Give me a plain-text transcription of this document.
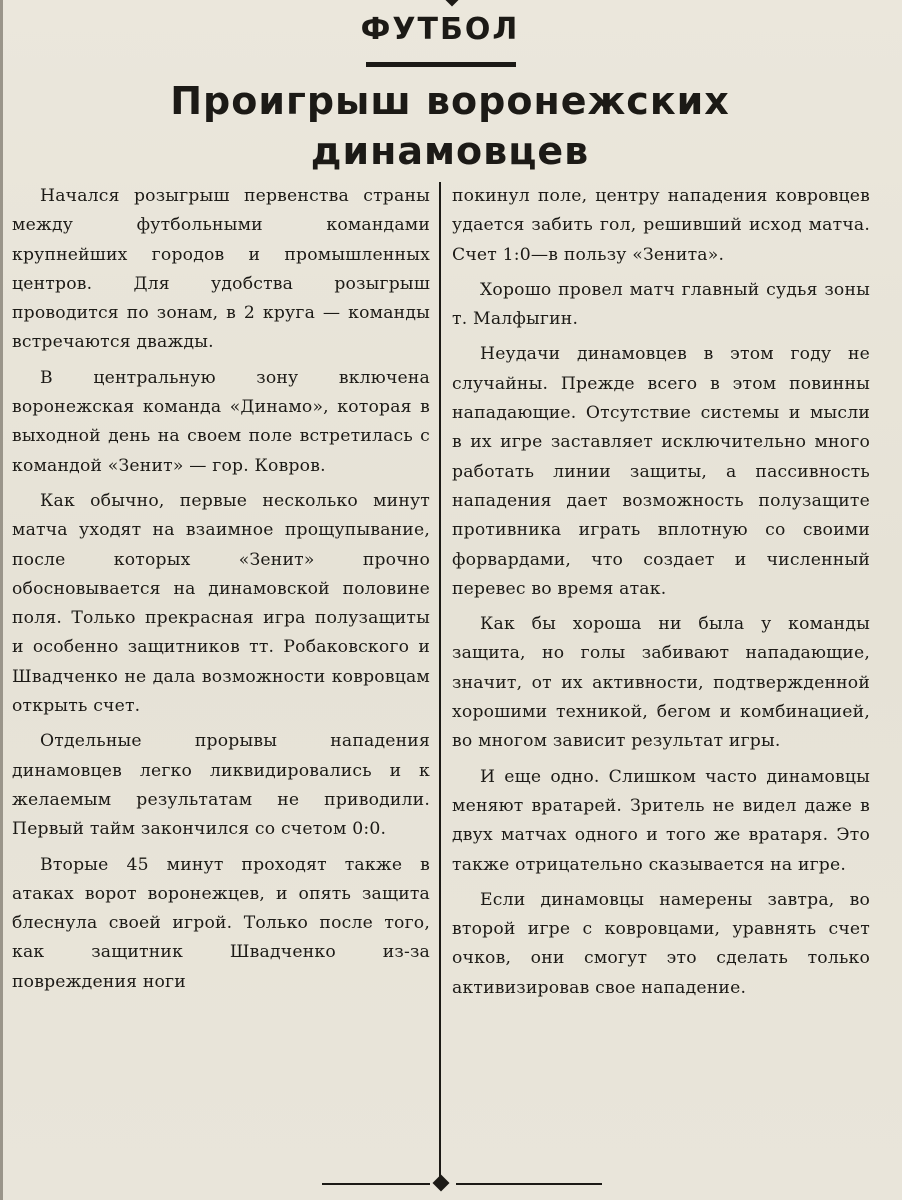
ФУТБОЛ
Проигрыш воронежских
динамовцев

Начался розыгрыш первенства страны между футбольными командами крупнейших городов и промышленных центров. Для удобства розыгрыш проводится по зонам, в 2 круга — команды встречаются дважды.

В центральную зону включена воронежская команда «Динамо», которая в выходной день на своем поле встретилась с командой «Зенит» — гор. Ковров.

Как обычно, первые несколько минут матча уходят на взаимное прощупывание, после которых «Зенит» прочно обосновывается на динамовской половине поля. Только прекрасная игра полузащиты и особенно защитников тт. Робаковского и Швадченко не дала возможности ковровцам открыть счет.

Отдельные прорывы нападения динамовцев легко ликвидировались и к желаемым результатам не приводили. Первый тайм закончился со счетом 0:0.

Вторые 45 минут проходят также в атаках ворот воронежцев, и опять защита блеснула своей игрой. Только после того, как защитник Швадченко из-за повреждения ноги

покинул поле, центру нападения ковровцев удается забить гол, решивший исход матча. Счет 1:0—в пользу «Зенита».

Хорошо провел матч главный судья зоны т. Малфыгин.

Неудачи динамовцев в этом году не случайны. Прежде всего в этом повинны нападающие. Отсутствие системы и мысли в их игре заставляет исключительно много работать линии защиты, а пассивность нападения дает возможность полузащите противника играть вплотную со своими форвардами, что создает и численный перевес во время атак.

Как бы хороша ни была у команды защита, но голы забивают нападающие, значит, от их активности, подтвержденной хорошими техникой, бегом и комбинацией, во многом зависит результат игры.

И еще одно. Слишком часто динамовцы меняют вратарей. Зритель не видел даже в двух матчах одного и того же вратаря. Это также отрицательно сказывается на игре.

Если динамовцы намерены завтра, во второй игре с ковровцами, уравнять счет очков, они смогут это сделать только активизировав свое нападение.
